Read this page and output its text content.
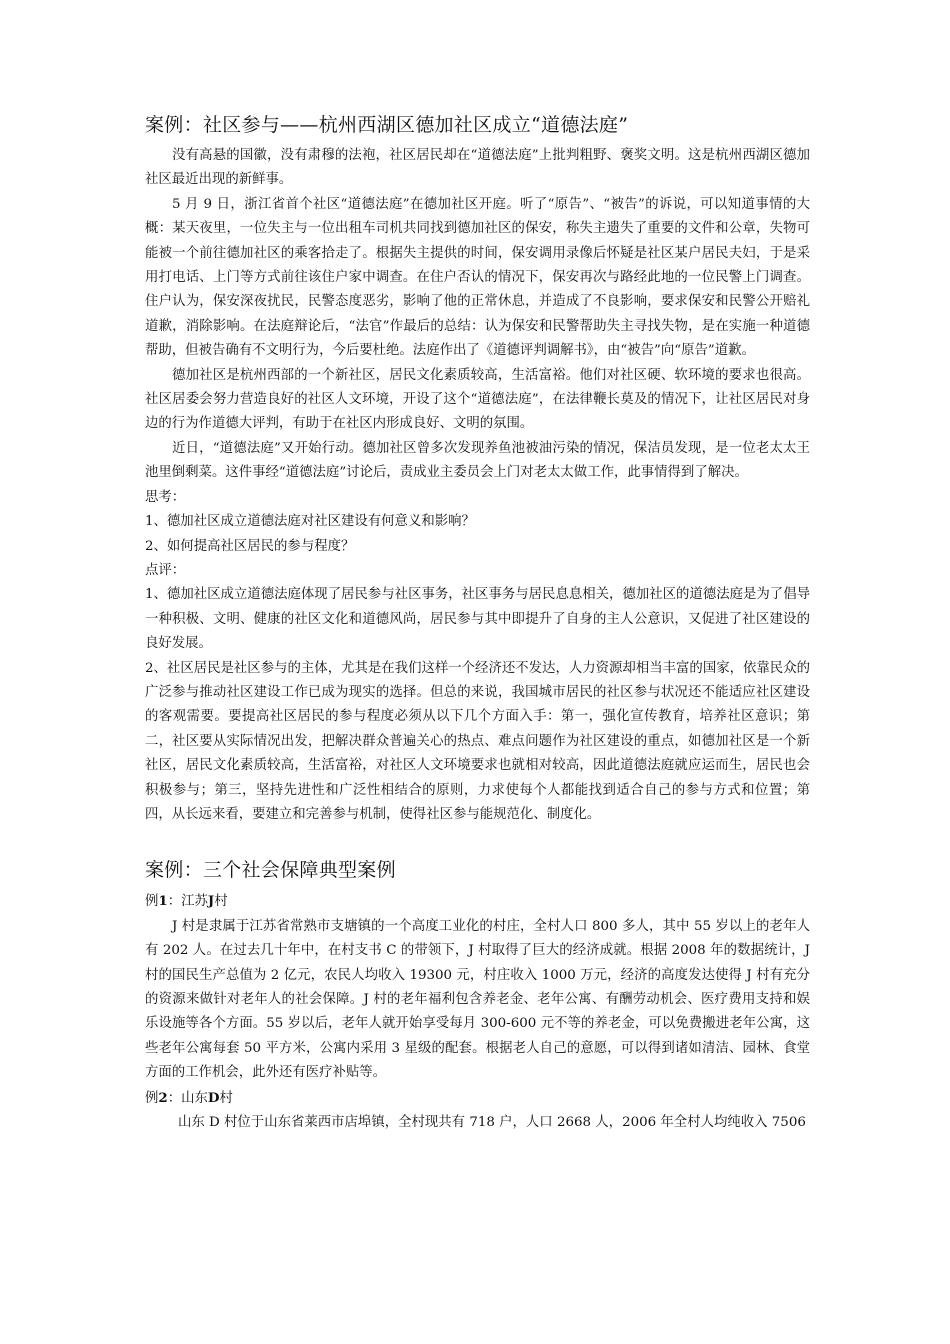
案例：社区参与——杭州西湖区德加社区成立“道德法庭”

没有高悬的国徽，没有肃穆的法袍，社区居民却在“道德法庭”上批判粗野、褒奖文明。这是杭州西湖区德加社区最近出现的新鲜事。

5 月 9 日，浙江省首个社区“道德法庭”在德加社区开庭。听了“原告”、“被告”的诉说，可以知道事情的大概：某天夜里，一位失主与一位出租车司机共同找到德加社区的保安，称失主遗失了重要的文件和公章，失物可能被一个前往德加社区的乘客拾走了。根据失主提供的时间，保安调用录像后怀疑是社区某户居民夫妇，于是采用打电话、上门等方式前往该住户家中调查。在住户否认的情况下，保安再次与路经此地的一位民警上门调查。住户认为，保安深夜扰民，民警态度恶劣，影响了他的正常休息，并造成了不良影响，要求保安和民警公开赔礼道歉，消除影响。在法庭辩论后，“法官”作最后的总结：认为保安和民警帮助失主寻找失物，是在实施一种道德帮助，但被告确有不文明行为，今后要杜绝。法庭作出了《道德评判调解书》，由“被告”向“原告”道歉。

德加社区是杭州西部的一个新社区，居民文化素质较高，生活富裕。他们对社区硬、软环境的要求也很高。社区居委会努力营造良好的社区人文环境，开设了这个“道德法庭”，在法律鞭长莫及的情况下，让社区居民对身边的行为作道德大评判，有助于在社区内形成良好、文明的氛围。

近日，“道德法庭”又开始行动。德加社区曾多次发现养鱼池被油污染的情况，保洁员发现，是一位老太太王池里倒剩菜。这件事经“道德法庭”讨论后，责成业主委员会上门对老太太做工作，此事情得到了解决。

思考：

1、德加社区成立道德法庭对社区建设有何意义和影响？

2、如何提高社区居民的参与程度？

点评：

1、德加社区成立道德法庭体现了居民参与社区事务，社区事务与居民息息相关，德加社区的道德法庭是为了倡导一种积极、文明、健康的社区文化和道德风尚，居民参与其中即提升了自身的主人公意识，又促进了社区建设的良好发展。

2、社区居民是社区参与的主体，尤其是在我们这样一个经济还不发达，人力资源却相当丰富的国家，依靠民众的广泛参与推动社区建设工作已成为现实的选择。但总的来说，我国城市居民的社区参与状况还不能适应社区建设的客观需要。要提高社区居民的参与程度必须从以下几个方面入手：第一，强化宣传教育，培养社区意识；第二，社区要从实际情况出发，把解决群众普遍关心的热点、难点问题作为社区建设的重点，如德加社区是一个新社区，居民文化素质较高，生活富裕，对社区人文环境要求也就相对较高，因此道德法庭就应运而生，居民也会积极参与；第三，坚持先进性和广泛性相结合的原则，力求使每个人都能找到适合自己的参与方式和位置；第四，从长远来看，要建立和完善参与机制，使得社区参与能规范化、制度化。

案例：三个社会保障典型案例

例1：江苏J村

J 村是隶属于江苏省常熟市支塘镇的一个高度工业化的村庄，全村人口 800 多人，其中 55 岁以上的老年人有 202 人。在过去几十年中，在村支书 C 的带领下，J 村取得了巨大的经济成就。根据 2008 年的数据统计，J 村的国民生产总值为 2 亿元，农民人均收入 19300 元，村庄收入 1000 万元，经济的高度发达使得 J 村有充分的资源来做针对老年人的社会保障。J 村的老年福利包含养老金、老年公寓、有酬劳动机会、医疗费用支持和娱乐设施等各个方面。55 岁以后，老年人就开始享受每月 300-600 元不等的养老金，可以免费搬进老年公寓，这些老年公寓每套 50 平方米，公寓内采用 3 星级的配套。根据老人自己的意愿，可以得到诸如清洁、园林、食堂方面的工作机会，此外还有医疗补贴等。

例2：山东D村

山东 D 村位于山东省莱西市店埠镇，全村现共有 718 户，人口 2668 人，2006 年全村人均纯收入 7506
